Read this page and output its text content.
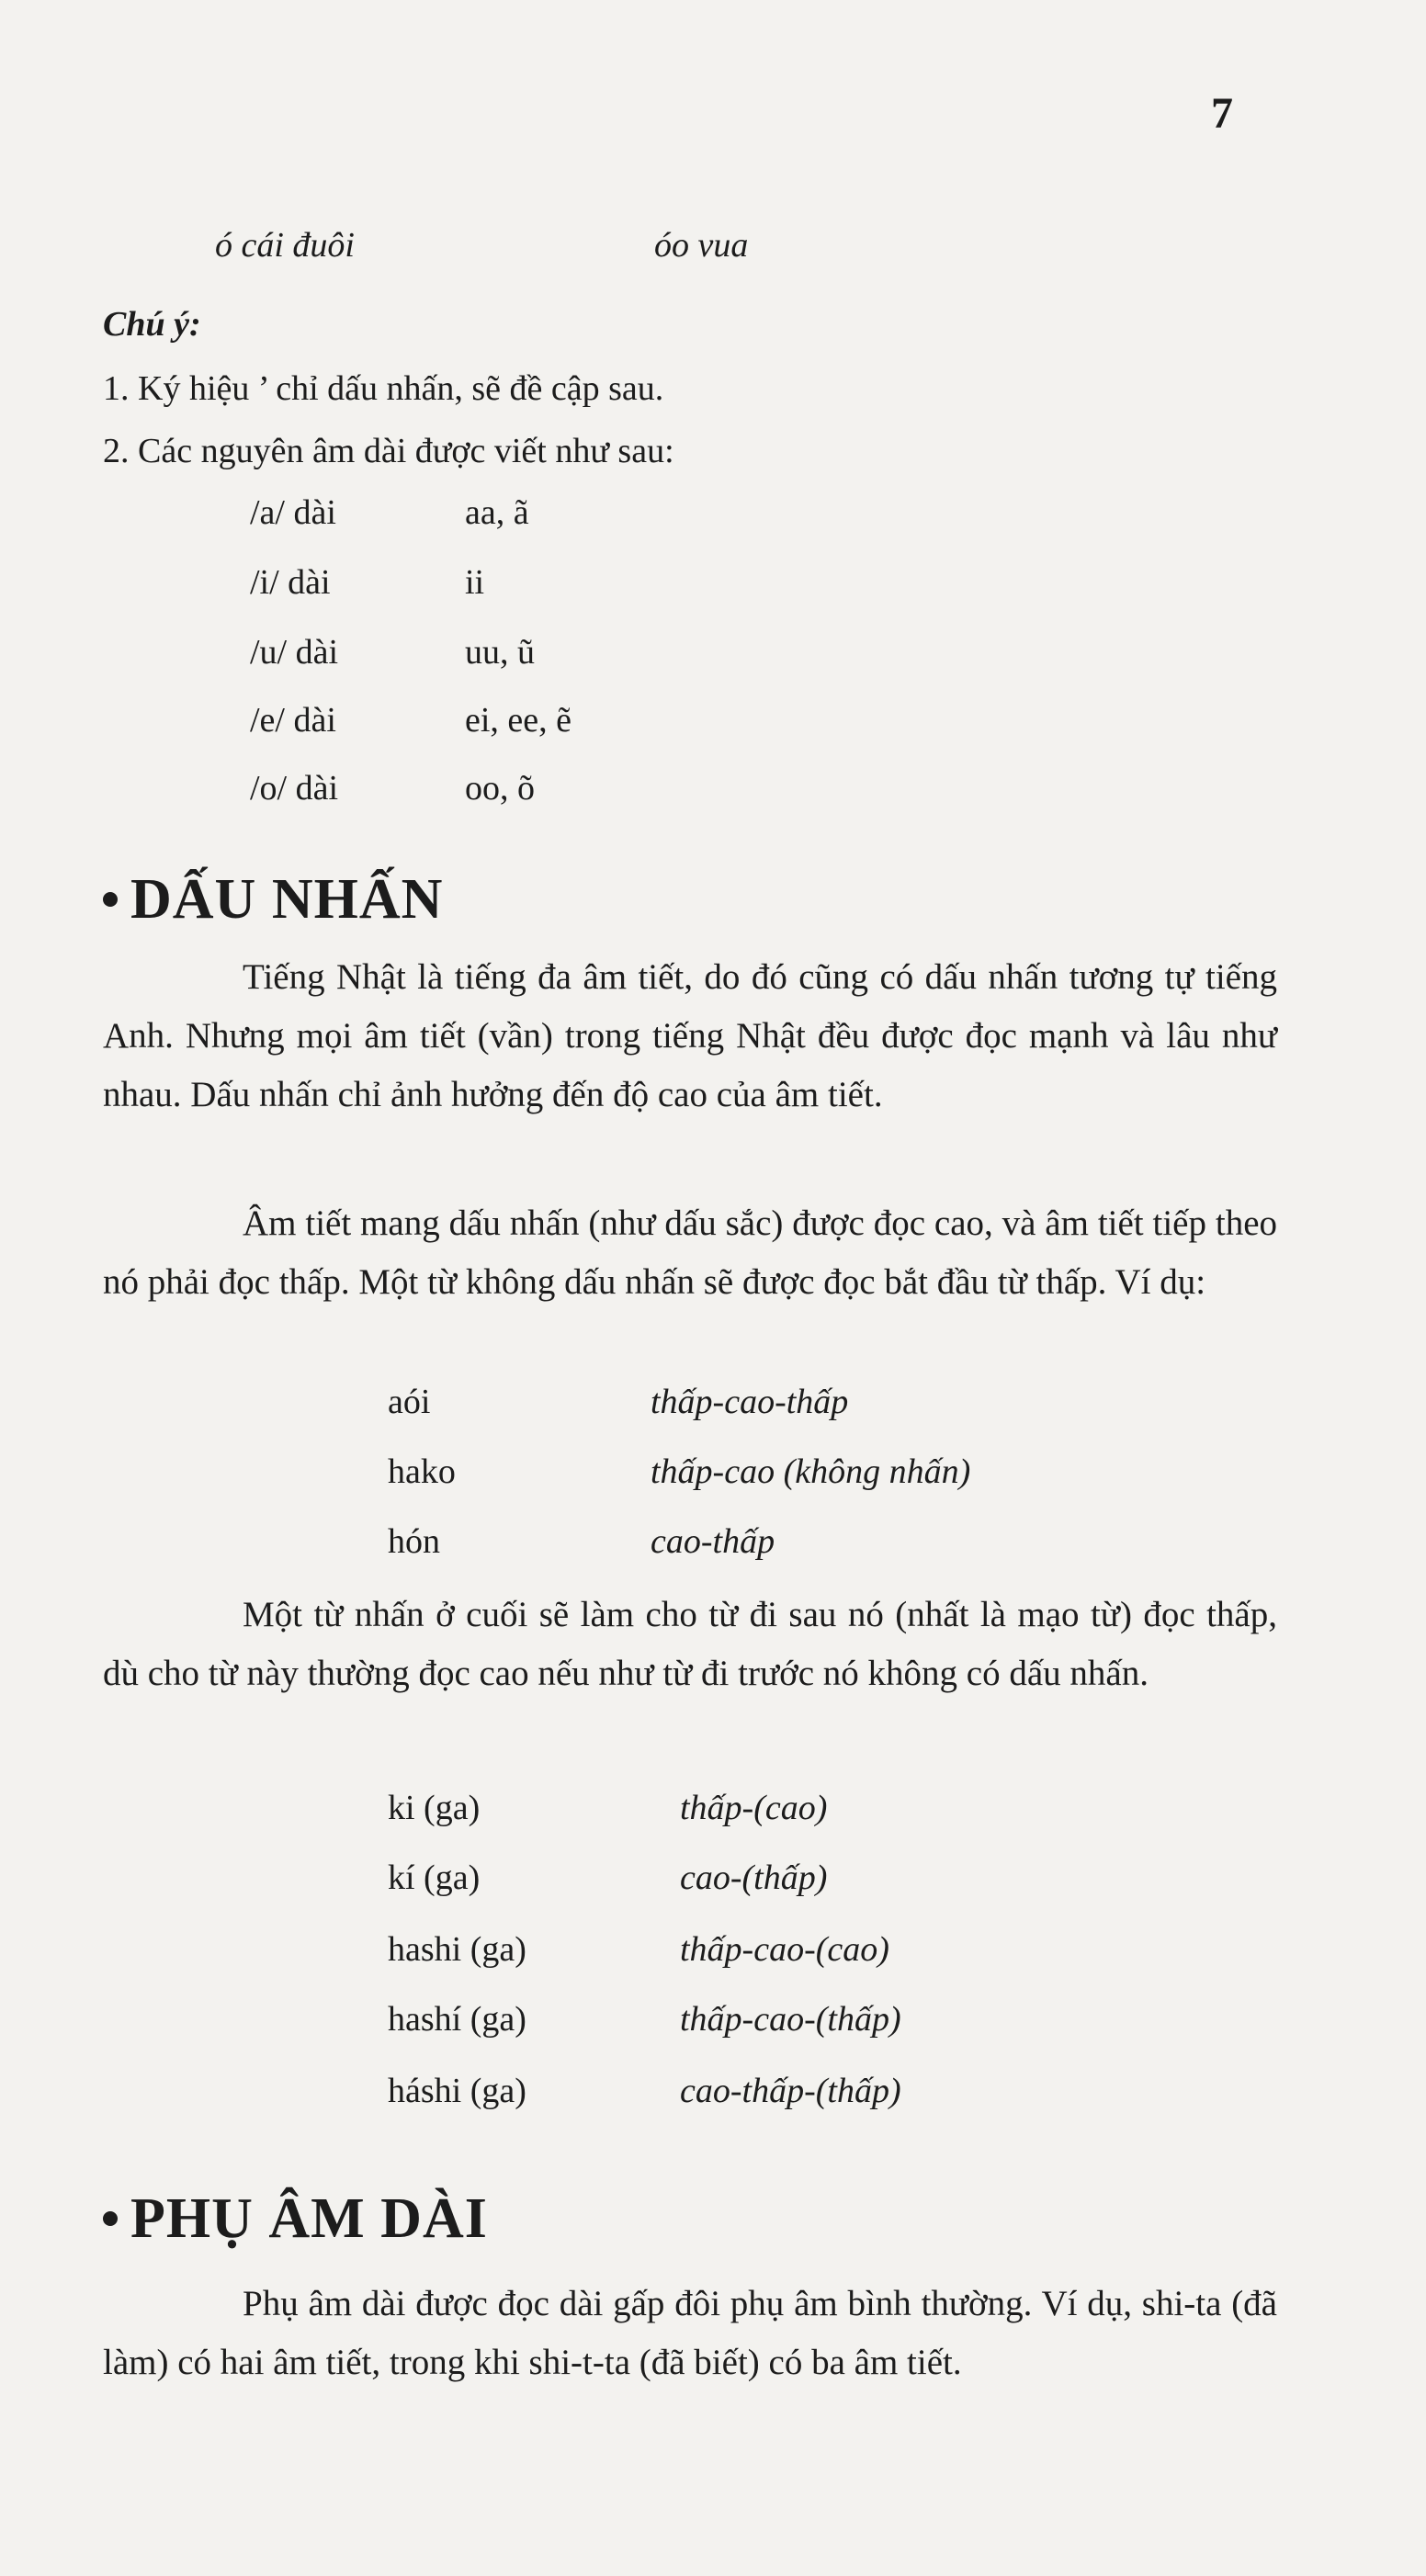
7
ó cái đuôi	óo vua
Chú ý:
1. Ký hiệu ’ chỉ dấu nhấn, sẽ đề cập sau.
2. Các nguyên âm dài được viết như sau:
/a/ dài	aa, ã
/i/ dài	ii
/u/ dài	uu, ũ
/e/ dài	ei, ee, ẽ
/o/ dài	oo, õ
DẤU NHẤN
Tiếng Nhật là tiếng đa âm tiết, do đó cũng có dấu nhấn tương tự tiếng Anh. Nhưng mọi âm tiết (vần) trong tiếng Nhật đều được đọc mạnh và lâu như nhau. Dấu nhấn chỉ ảnh hưởng đến độ cao của âm tiết.
Âm tiết mang dấu nhấn (như dấu sắc) được đọc cao, và âm tiết tiếp theo nó phải đọc thấp. Một từ không dấu nhấn sẽ được đọc bắt đầu từ thấp. Ví dụ:
aói	thấp-cao-thấp
hako	thấp-cao (không nhấn)
hón	cao-thấp
Một từ nhấn ở cuối sẽ làm cho từ đi sau nó (nhất là mạo từ) đọc thấp, dù cho từ này thường đọc cao nếu như từ đi trước nó không có dấu nhấn.
ki (ga)	thấp-(cao)
kí (ga)	cao-(thấp)
hashi (ga)	thấp-cao-(cao)
hashí (ga)	thấp-cao-(thấp)
háshi (ga)	cao-thấp-(thấp)
PHỤ ÂM DÀI
Phụ âm dài được đọc dài gấp đôi phụ âm bình thường. Ví dụ, shi-ta (đã làm) có hai âm tiết, trong khi shi-t-ta (đã biết) có ba âm tiết.
